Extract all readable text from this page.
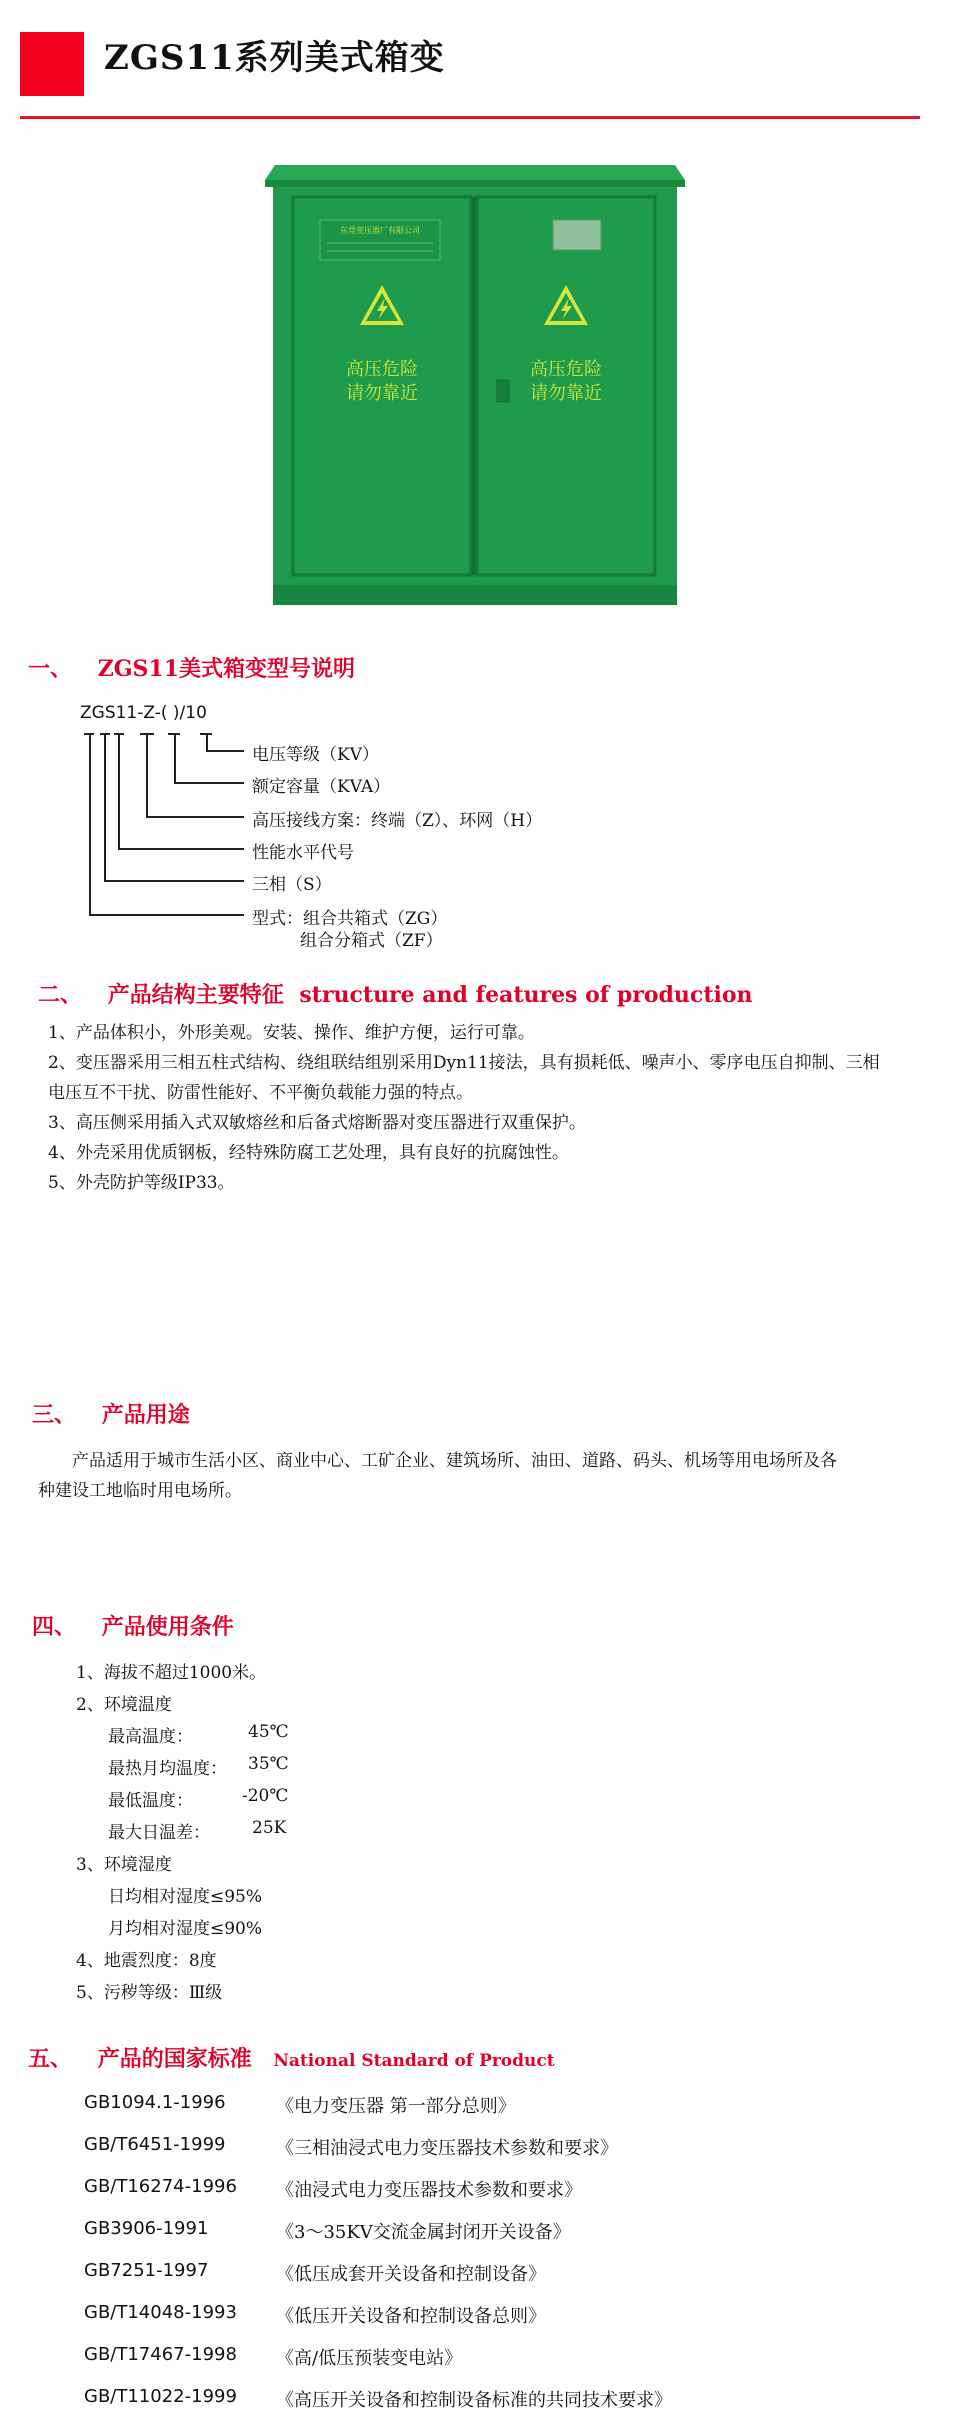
ZGS11系列美式箱变
东莞变压器厂有限公司
高压危险
请勿靠近
高压危险
请勿靠近
一、 ZGS11美式箱变型号说明
ZGS11-Z-( )/10
电压等级（KV）
额定容量（KVA）
高压接线方案：终端（Z）、环网（H）
性能水平代号
三相（S）
型式：组合共箱式（ZG）
组合分箱式（ZF）
二、 产品结构主要特征 structure and features of production
1、产品体积小，外形美观。安装、操作、维护方便，运行可靠。
2、变压器采用三相五柱式结构、绕组联结组别采用Dyn11接法，具有损耗低、噪声小、零序电压自抑制、三相
电压互不干扰、防雷性能好、不平衡负载能力强的特点。
3、高压侧采用插入式双敏熔丝和后备式熔断器对变压器进行双重保护。
4、外壳采用优质钢板，经特殊防腐工艺处理，具有良好的抗腐蚀性。
5、外壳防护等级IP33。
三、 产品用途
产品适用于城市生活小区、商业中心、工矿企业、建筑场所、油田、道路、码头、机场等用电场所及各
种建设工地临时用电场所。
四、 产品使用条件
1、海拔不超过1000米。
2、环境温度
最高温度：	45℃
最热月均温度： 35℃
最低温度：	-20℃
最大日温差： 25K
3、环境湿度
日均相对湿度≤95%
月均相对湿度≤90%
4、地震烈度：8度
5、污秽等级：Ⅲ级
五、 产品的国家标准 National Standard of Product
GB1094.1-1996	《电力变压器 第一部分总则》
GB/T6451-1999	《三相油浸式电力变压器技术参数和要求》
GB/T16274-1996 《油浸式电力变压器技术参数和要求》
GB3906-1991	《3～35KV交流金属封闭开关设备》
GB7251-1997	《低压成套开关设备和控制设备》
GB/T14048-1993 《低压开关设备和控制设备总则》
GB/T17467-1998 《高/低压预装变电站》
GB/T11022-1999 《高压开关设备和控制设备标准的共同技术要求》
